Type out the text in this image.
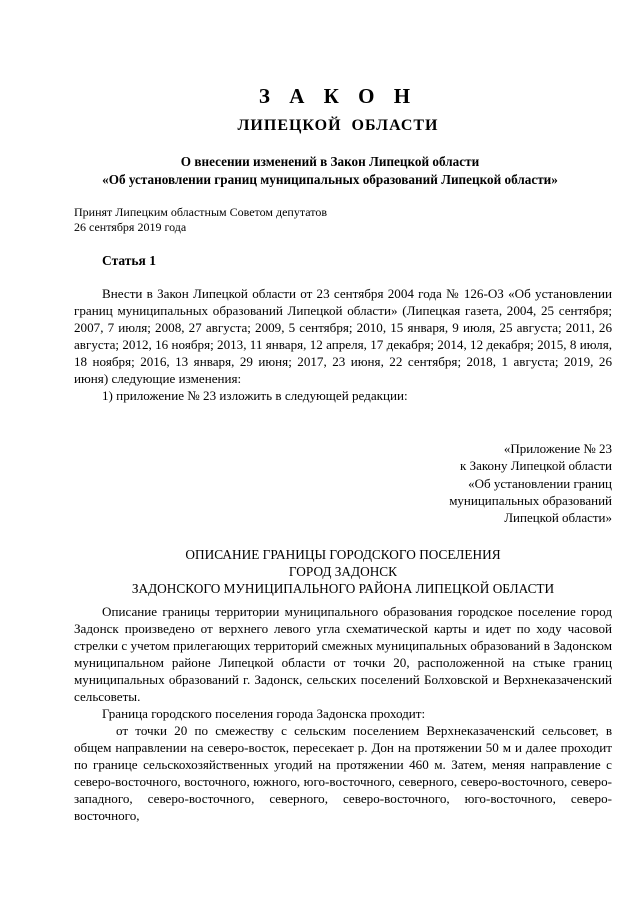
З А К О Н
ЛИПЕЦКОЙ ОБЛАСТИ
О внесении изменений в Закон Липецкой области
«Об установлении границ муниципальных образований Липецкой области»
Принят Липецким областным Советом депутатов
26 сентября 2019 года
Статья 1

Внести в Закон Липецкой области от 23 сентября 2004 года № 126-ОЗ «Об установлении границ муниципальных образований Липецкой области» (Липецкая газета, 2004, 25 сентября; 2007, 7 июля; 2008, 27 августа; 2009, 5 сентября; 2010, 15 января, 9 июля, 25 августа; 2011, 26 августа; 2012, 16 ноября; 2013, 11 января, 12 апреля, 17 декабря; 2014, 12 декабря; 2015, 8 июля, 18 ноября; 2016, 13 января, 29 июня; 2017, 23 июня, 22 сентября; 2018, 1 августа; 2019, 26 июня) следующие изменения:

1) приложение № 23 изложить в следующей редакции:

«Приложение № 23
к Закону Липецкой области
«Об установлении границ
муниципальных образований
Липецкой области»
ОПИСАНИЕ ГРАНИЦЫ ГОРОДСКОГО ПОСЕЛЕНИЯ
ГОРОД ЗАДОНСК
ЗАДОНСКОГО МУНИЦИПАЛЬНОГО РАЙОНА ЛИПЕЦКОЙ ОБЛАСТИ

Описание границы территории муниципального образования городское поселение город Задонск произведено от верхнего левого угла схематической карты и идет по ходу часовой стрелки с учетом прилегающих территорий смежных муниципальных образований в Задонском муниципальном районе Липецкой области от точки 20, расположенной на стыке границ муниципальных образований г. Задонск, сельских поселений Болховской и Верхнеказаченский сельсоветы.

Граница городского поселения города Задонска проходит:

от точки 20 по смежеству с сельским поселением Верхнеказаченский сельсовет, в общем направлении на северо-восток, пересекает р. Дон на протяжении 50 м и далее проходит по границе сельскохозяйственных угодий на протяжении 460 м. Затем, меняя направление с северо-восточного, восточного, южного, юго-восточного, северного, северо-восточного, северо-западного, северо-восточного, северного, северо-восточного, юго-восточного, северо-восточного,
